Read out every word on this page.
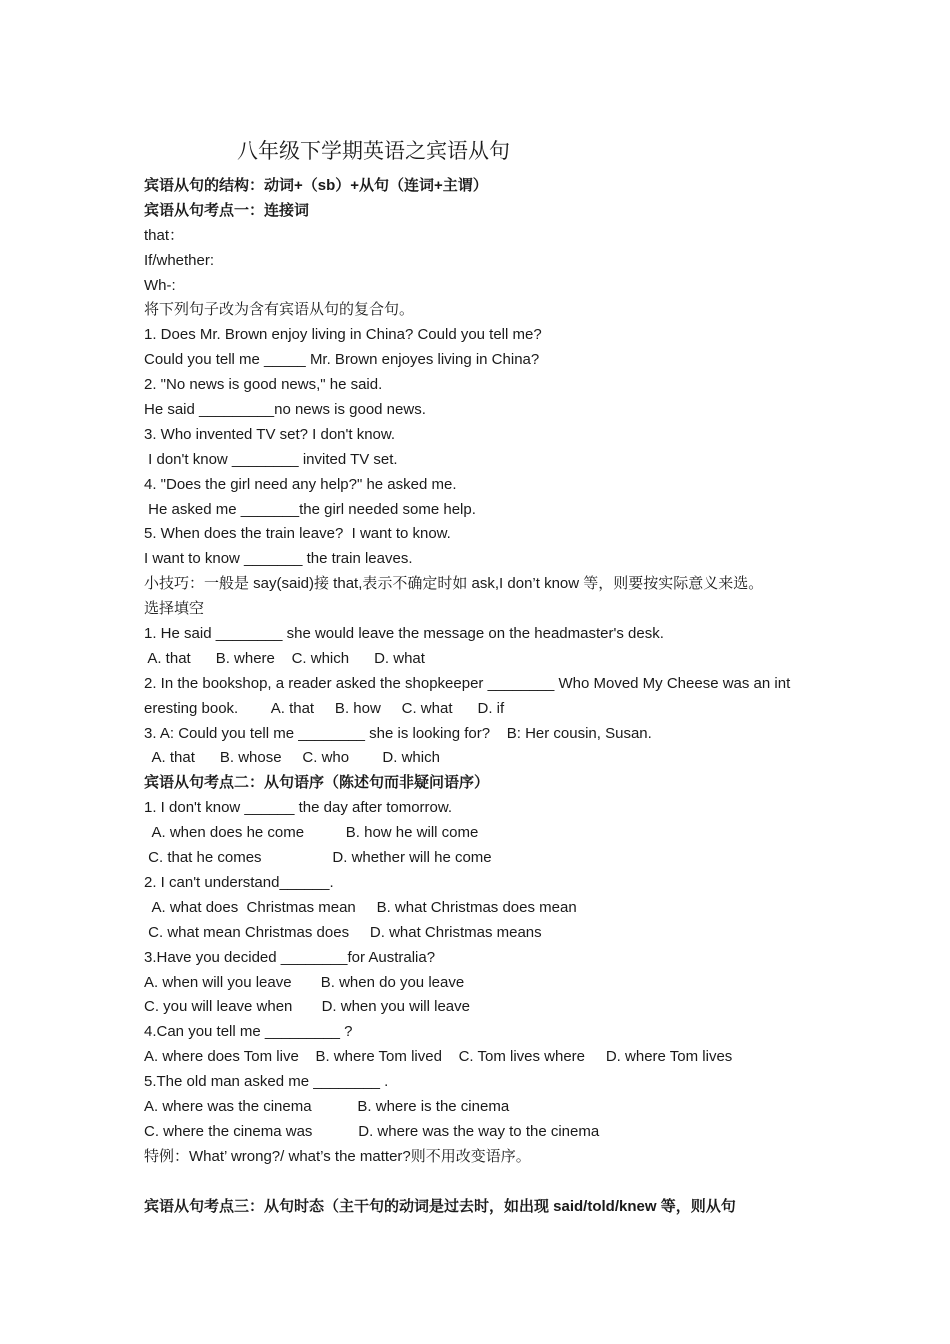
八年级下学期英语之宾语从句
宾语从句的结构：动词+（sb）+从句（连词+主谓）
宾语从句考点一：连接词
that：
If/whether:
Wh-:
将下列句子改为含有宾语从句的复合句。
1. Does Mr. Brown enjoy living in China? Could you tell me?
Could you tell me _____ Mr. Brown enjoyes living in China?
2. "No news is good news," he said.
He said _________no news is good news.
3. Who invented TV set? I don't know.
I don't know ________ invited TV set.
4. "Does the girl need any help?" he asked me.
He asked me _______the girl needed some help.
5. When does the train leave?  I want to know.
I want to know _______ the train leaves.
小技巧：一般是 say(said)接 that,表示不确定时如 ask,I don’t know 等，则要按实际意义来选。
选择填空
1. He said ________ she would leave the message on the headmaster's desk.
A. that      B. where    C. which      D. what
2. In the bookshop, a reader asked the shopkeeper ________ Who Moved My Cheese was an int
eresting book.        A. that     B. how     C. what      D. if
3. A: Could you tell me ________ she is looking for?    B: Her cousin, Susan.
A. that      B. whose     C. who        D. which
宾语从句考点二：从句语序（陈述句而非疑问语序）
1. I don't know ______ the day after tomorrow.
A. when does he come          B. how he will come
C. that he comes                 D. whether will he come
2. I can't understand______.
A. what does  Christmas mean     B. what Christmas does mean
C. what mean Christmas does     D. what Christmas means
3.Have you decided ________for Australia?
A. when will you leave       B. when do you leave
C. you will leave when       D. when you will leave
4.Can you tell me _________ ?
A. where does Tom live    B. where Tom lived    C. Tom lives where     D. where Tom lives
5.The old man asked me ________ .
A. where was the cinema           B. where is the cinema
C. where the cinema was           D. where was the way to the cinema
特例：What’ wrong?/ what’s the matter?则不用改变语序。
宾语从句考点三：从句时态（主干句的动词是过去时，如出现 said/told/knew 等，则从句
